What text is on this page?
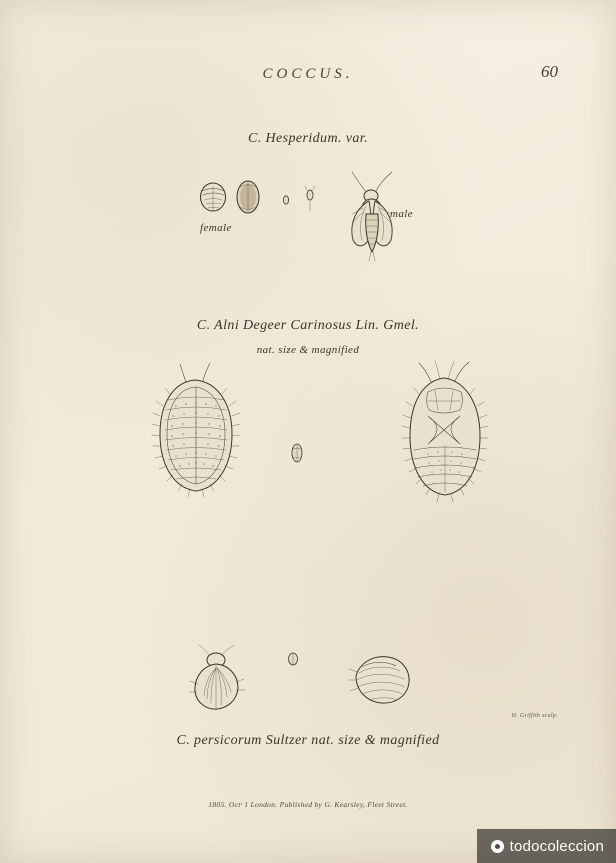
COCCUS.	60
C. Hesperidum. var.
female
male
C. Alni Degeer Carinosus Lin. Gmel.
nat. size & magnified
C. persicorum Sultzer nat. size & magnified
H. Griffith sculp.
1805. Octᵗ 1 London. Published by G. Kearsley, Fleet Street.
todocoleccion
